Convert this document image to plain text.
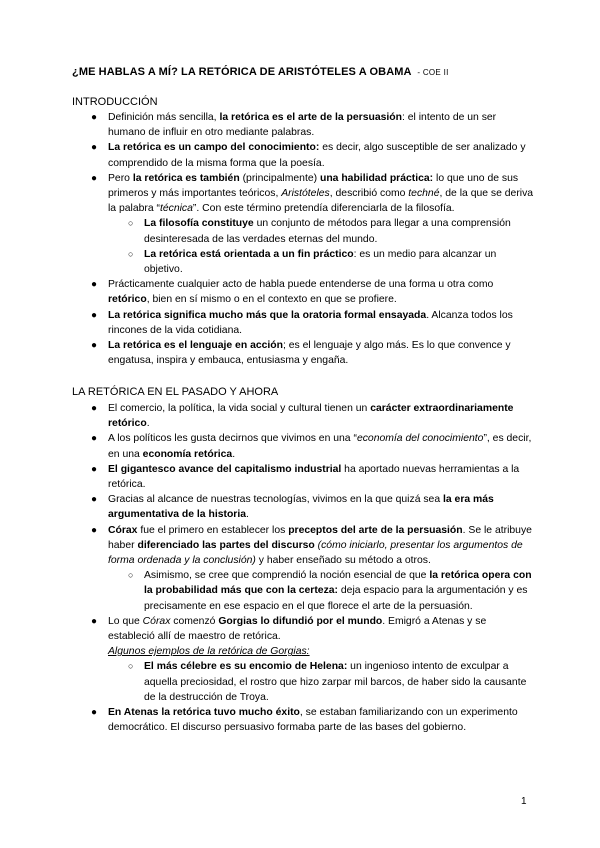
¿ME HABLAS A MÍ? LA RETÓRICA DE ARISTÓTELES A OBAMA - COE II
INTRODUCCIÓN
● Definición más sencilla, la retórica es el arte de la persuasión: el intento de un ser humano de influir en otro mediante palabras.
● La retórica es un campo del conocimiento: es decir, algo susceptible de ser analizado y comprendido de la misma forma que la poesía.
● Pero la retórica es también (principalmente) una habilidad práctica: lo que uno de sus primeros y más importantes teóricos, Aristóteles, describió como techné, de la que se deriva la palabra “técnica”. Con este término pretendía diferenciarla de la filosofía.
○ La filosofía constituye un conjunto de métodos para llegar a una comprensión desinteresada de las verdades eternas del mundo.
○ La retórica está orientada a un fin práctico: es un medio para alcanzar un objetivo.
● Prácticamente cualquier acto de habla puede entenderse de una forma u otra como retórico, bien en sí mismo o en el contexto en que se profiere.
● La retórica significa mucho más que la oratoria formal ensayada. Alcanza todos los rincones de la vida cotidiana.
● La retórica es el lenguaje en acción; es el lenguaje y algo más. Es lo que convence y engatusa, inspira y embauca, entusiasma y engaña.
LA RETÓRICA EN EL PASADO Y AHORA
● El comercio, la política, la vida social y cultural tienen un carácter extraordinariamente retórico.
● A los políticos les gusta decirnos que vivimos en una “economía del conocimiento”, es decir, en una economía retórica.
● El gigantesco avance del capitalismo industrial ha aportado nuevas herramientas a la retórica.
● Gracias al alcance de nuestras tecnologías, vivimos en la que quizá sea la era más argumentativa de la historia.
● Córax fue el primero en establecer los preceptos del arte de la persuasión. Se le atribuye haber diferenciado las partes del discurso (cómo iniciarlo, presentar los argumentos de forma ordenada y la conclusión) y haber enseñado su método a otros.
○ Asimismo, se cree que comprendió la noción esencial de que la retórica opera con la probabilidad más que con la certeza: deja espacio para la argumentación y es precisamente en ese espacio en el que florece el arte de la persuasión.
● Lo que Córax comenzó Gorgias lo difundió por el mundo. Emigró a Atenas y se estableció allí de maestro de retórica.
Algunos ejemplos de la retórica de Gorgias:
○ El más célebre es su encomio de Helena: un ingenioso intento de exculpar a aquella preciosidad, el rostro que hizo zarpar mil barcos, de haber sido la causante de la destrucción de Troya.
● En Atenas la retórica tuvo mucho éxito, se estaban familiarizando con un experimento democrático. El discurso persuasivo formaba parte de las bases del gobierno.
1
